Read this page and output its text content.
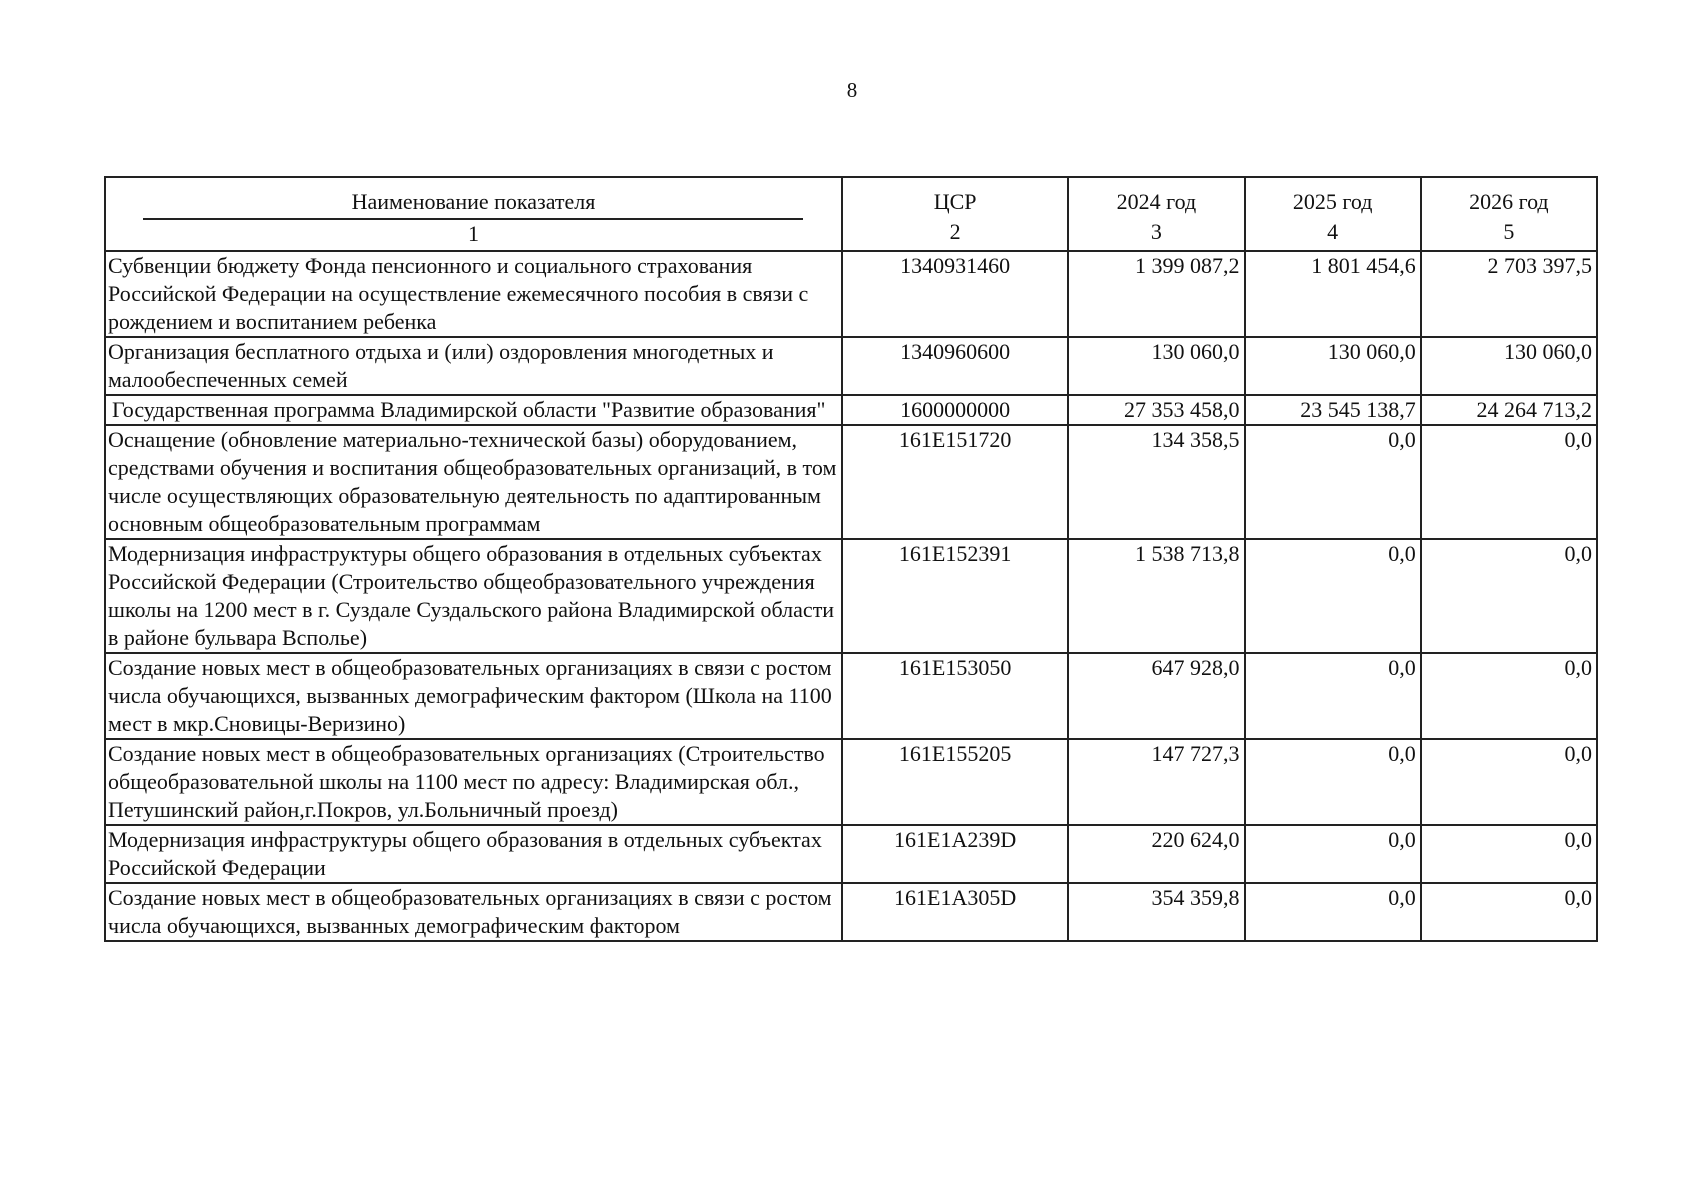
8
Наименование показателя	ЦСР	2024 год	2025 год	2026 год
1	2	3	4	5
Субвенции бюджету Фонда пенсионного и социального страхования Российской Федерации на осуществление ежемесячного пособия в связи с рождением и воспитанием ребенка	1340931460	1 399 087,2	1 801 454,6	2 703 397,5
Организация бесплатного отдыха и (или) оздоровления многодетных и малообеспеченных семей	1340960600	130 060,0	130 060,0	130 060,0
Государственная программа Владимирской области "Развитие образования"	1600000000	27 353 458,0	23 545 138,7	24 264 713,2
Оснащение (обновление материально-технической базы) оборудованием, средствами обучения и воспитания общеобразовательных организаций, в том числе осуществляющих образовательную деятельность по адаптированным основным общеобразовательным программам	161E151720	134 358,5	0,0	0,0
Модернизация инфраструктуры общего образования в отдельных субъектах Российской Федерации (Строительство общеобразовательного учреждения школы на 1200 мест в г. Суздале Суздальского района Владимирской области в районе бульвара Всполье)	161E152391	1 538 713,8	0,0	0,0
Создание новых мест в общеобразовательных организациях в связи с ростом числа обучающихся, вызванных демографическим фактором (Школа на 1100 мест в мкр.Сновицы-Веризино)	161E153050	647 928,0	0,0	0,0
Создание новых мест в общеобразовательных организациях (Строительство общеобразовательной школы на 1100 мест по адресу: Владимирская обл., Петушинский район,г.Покров, ул.Больничный проезд)	161E155205	147 727,3	0,0	0,0
Модернизация инфраструктуры общего образования в отдельных субъектах Российской Федерации	161E1A239D	220 624,0	0,0	0,0
Создание новых мест в общеобразовательных организациях в связи с ростом числа обучающихся, вызванных демографическим фактором	161E1A305D	354 359,8	0,0	0,0
